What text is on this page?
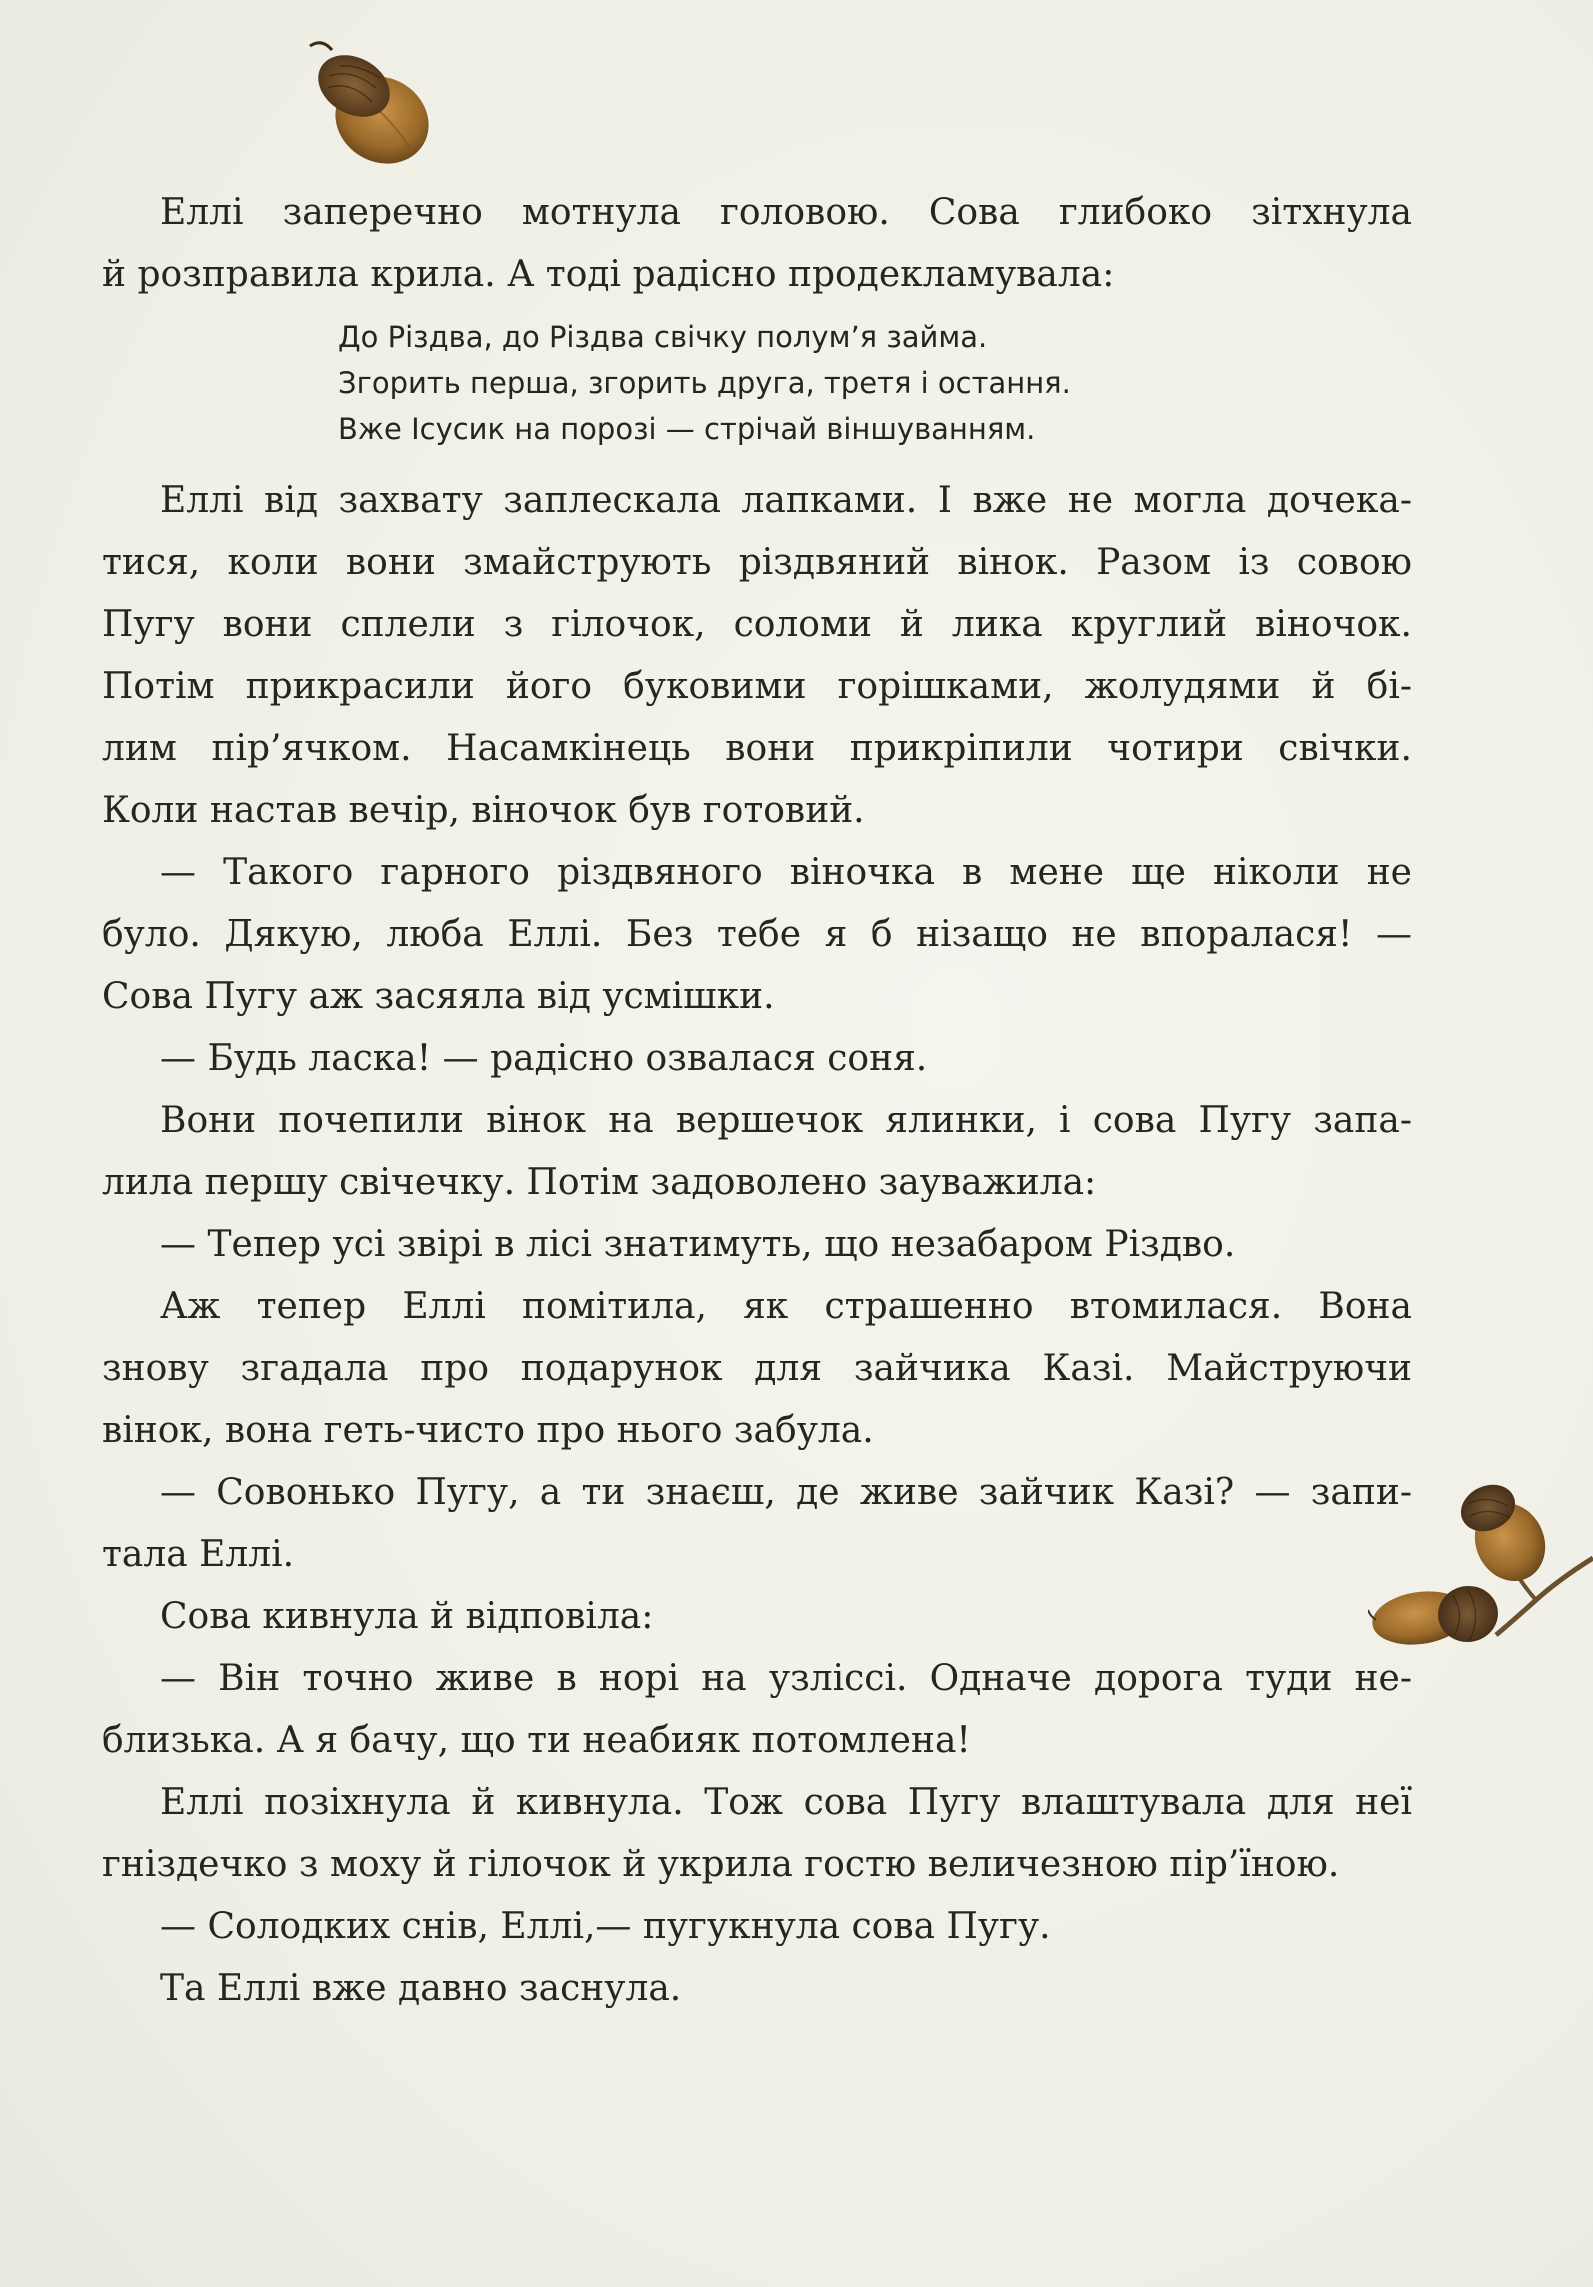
Еллі заперечно мотнула головою. Сова глибоко зітхнула
й розправила крила. А тоді радісно продекламувала:

До Різдва, до Різдва свічку полум’я займа.
Згорить перша, згорить друга, третя і остання.
Вже Ісусик на порозі — стрічай віншуванням.

Еллі від захвату заплескала лапками. І вже не могла дочека-
тися, коли вони змайструють різдвяний вінок. Разом із совою
Пугу вони сплели з гілочок, соломи й лика круглий віночок.
Потім прикрасили його буковими горішками, жолудями й бі-
лим пір’ячком. Насамкінець вони прикріпили чотири свічки.
Коли настав вечір, віночок був готовий.

— Такого гарного різдвяного віночка в мене ще ніколи не
було. Дякую, люба Еллі. Без тебе я б нізащо не впоралася! —
Сова Пугу аж засяяла від усмішки.

— Будь ласка! — радісно озвалася соня.

Вони почепили вінок на вершечок ялинки, і сова Пугу запа-
лила першу свічечку. Потім задоволено зауважила:

— Тепер усі звірі в лісі знатимуть, що незабаром Різдво.

Аж тепер Еллі помітила, як страшенно втомилася. Вона
знову згадала про подарунок для зайчика Казі. Майструючи
вінок, вона геть-чисто про нього забула.

— Совонько Пугу, а ти знаєш, де живе зайчик Казі? — запи-
тала Еллі.

Сова кивнула й відповіла:

— Він точно живе в норі на узліссі. Одначе дорога туди не-
близька. А я бачу, що ти неабияк потомлена!

Еллі позіхнула й кивнула. Тож сова Пугу влаштувала для неї
гніздечко з моху й гілочок й укрила гостю величезною пір’їною.

— Солодких снів, Еллі,— пугукнула сова Пугу.

Та Еллі вже давно заснула.
